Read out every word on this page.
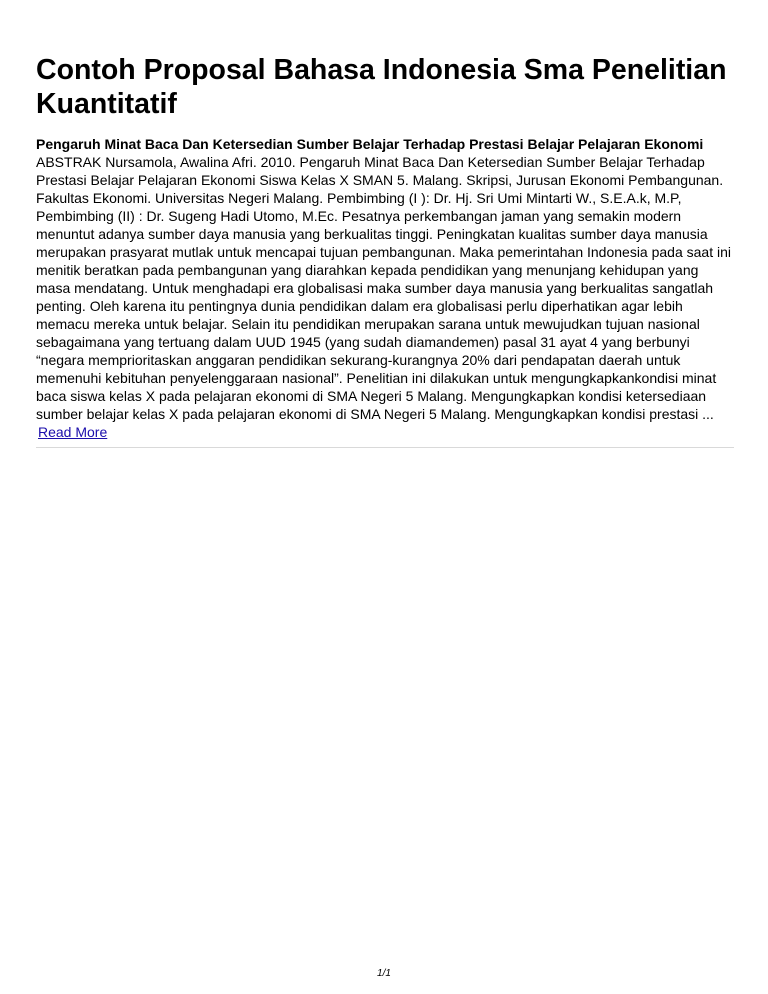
Contoh Proposal Bahasa Indonesia Sma Penelitian Kuantitatif

Pengaruh Minat Baca Dan Ketersedian Sumber Belajar Terhadap Prestasi Belajar Pelajaran Ekonomi

ABSTRAK Nursamola, Awalina Afri. 2010. Pengaruh Minat Baca Dan Ketersedian Sumber Belajar Terhadap Prestasi Belajar Pelajaran Ekonomi Siswa Kelas X SMAN 5. Malang. Skripsi, Jurusan Ekonomi Pembangunan. Fakultas Ekonomi. Universitas Negeri Malang. Pembimbing (I ): Dr. Hj. Sri Umi Mintarti W., S.E.A.k, M.P, Pembimbing (II) : Dr. Sugeng Hadi Utomo, M.Ec. Pesatnya perkembangan jaman yang semakin modern menuntut adanya sumber daya manusia yang berkualitas tinggi. Peningkatan kualitas sumber daya manusia merupakan prasyarat mutlak untuk mencapai tujuan pembangunan. Maka pemerintahan Indonesia pada saat ini menitik beratkan pada pembangunan yang diarahkan kepada pendidikan yang menunjang kehidupan yang masa mendatang. Untuk menghadapi era globalisasi maka sumber daya manusia yang berkualitas sangatlah penting. Oleh karena itu pentingnya dunia pendidikan dalam era globalisasi perlu diperhatikan agar lebih memacu mereka untuk belajar. Selain itu pendidikan merupakan sarana untuk mewujudkan tujuan nasional sebagaimana yang tertuang dalam UUD 1945 (yang sudah diamandemen) pasal 31 ayat 4 yang berbunyi “negara memprioritaskan anggaran pendidikan sekurang-kurangnya 20% dari pendapatan daerah untuk memenuhi kebituhan penyelenggaraan nasional”. Penelitian ini dilakukan untuk mengungkapkankondisi minat baca siswa kelas X pada pelajaran ekonomi di SMA Negeri 5 Malang. Mengungkapkan kondisi ketersediaan sumber belajar kelas X pada pelajaran ekonomi di SMA Negeri 5 Malang. Mengungkapkan kondisi prestasi ...

Read More
1/1
